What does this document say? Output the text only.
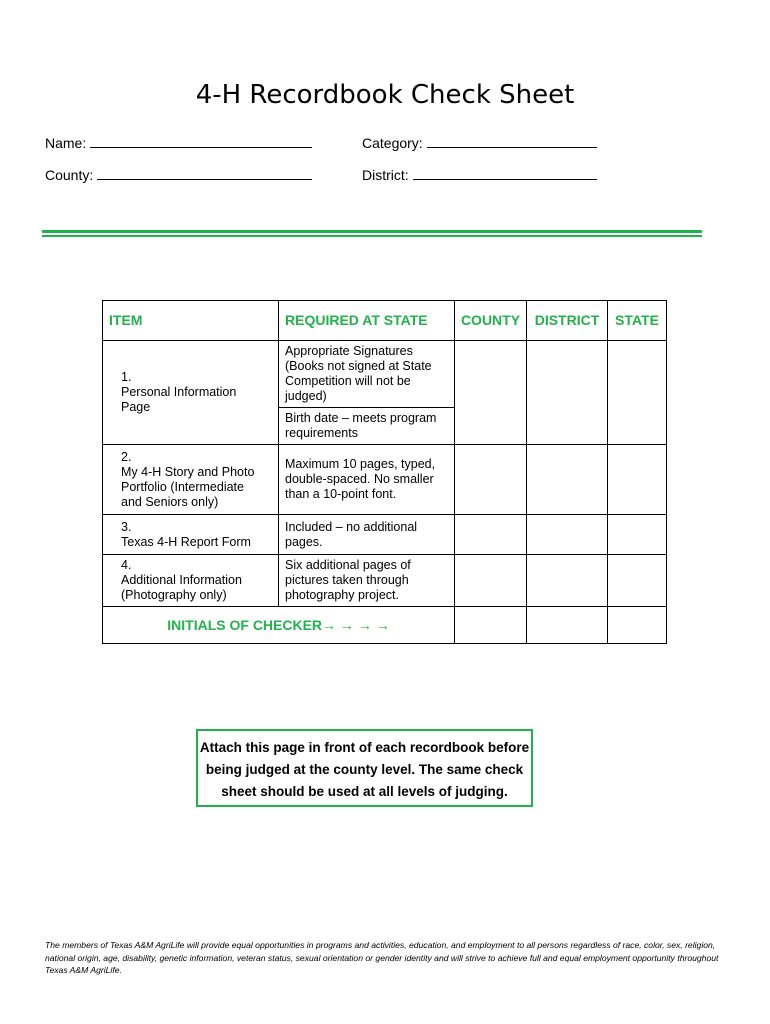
4-H Recordbook Check Sheet
Name:	Category:
County:	District:
ITEM	REQUIRED AT STATE	COUNTY	DISTRICT	STATE
1.Personal Information Page	Appropriate Signatures (Books not signed at State Competition will not be judged)			
	Birth date – meets program requirements			
2.My 4-H Story and Photo Portfolio (Intermediate and Seniors only)	Maximum 10 pages, typed, double-spaced. No smaller than a 10-point font.			
3.Texas 4-H Report Form	Included – no additional pages.			
4.Additional Information (Photography only)	Six additional pages of pictures taken through photography project.			
INITIALS OF CHECKER→ → → →				
Attach this page in front of each recordbook before being judged at the county level. The same check sheet should be used at all levels of judging.
The members of Texas A&M AgriLife will provide equal opportunities in programs and activities, education, and employment to all persons regardless of race, color, sex, religion, national origin, age, disability, genetic information, veteran status, sexual orientation or gender identity and will strive to achieve full and equal employment opportunity throughout Texas A&M AgriLife.
